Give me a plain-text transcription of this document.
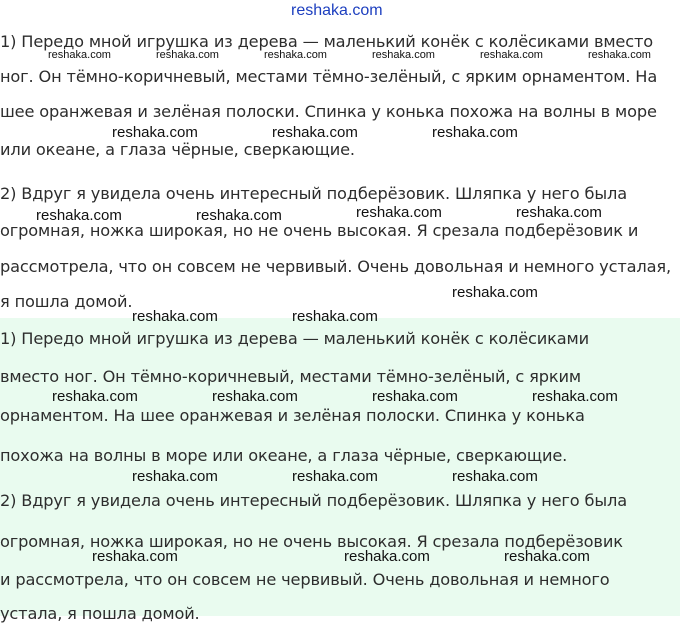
reshaka.com
1) Передо мной игрушка из дерева — маленький конёк с колёсиками вместо
ног. Он тёмно-коричневый, местами тёмно-зелёный, с ярким орнаментом. На
шее оранжевая и зелёная полоски. Спинка у конька похожа на волны в море
или океане, а глаза чёрные, сверкающие.
2) Вдруг я увидела очень интересный подберёзовик. Шляпка у него была
огромная, ножка широкая, но не очень высокая. Я срезала подберёзовик и
рассмотрела, что он совсем не червивый. Очень довольная и немного усталая,
я пошла домой.
1) Передо мной игрушка из дерева — маленький конёк с колёсиками
вместо ног. Он тёмно-коричневый, местами тёмно-зелёный, с ярким
орнаментом. На шее оранжевая и зелёная полоски. Спинка у конька
похожа на волны в море или океане, а глаза чёрные, сверкающие.
2) Вдруг я увидела очень интересный подберёзовик. Шляпка у него была
огромная, ножка широкая, но не очень высокая. Я срезала подберёзовик
и рассмотрела, что он совсем не червивый. Очень довольная и немного
устала, я пошла домой.
reshaka.com	reshaka.com	reshaka.com	reshaka.com	reshaka.com	reshaka.com
reshaka.com	reshaka.com	reshaka.com
reshaka.com	reshaka.com	reshaka.com	reshaka.com
reshaka.com
reshaka.com	reshaka.com
reshaka.com	reshaka.com	reshaka.com	reshaka.com
reshaka.com	reshaka.com	reshaka.com
reshaka.com	reshaka.com	reshaka.com
